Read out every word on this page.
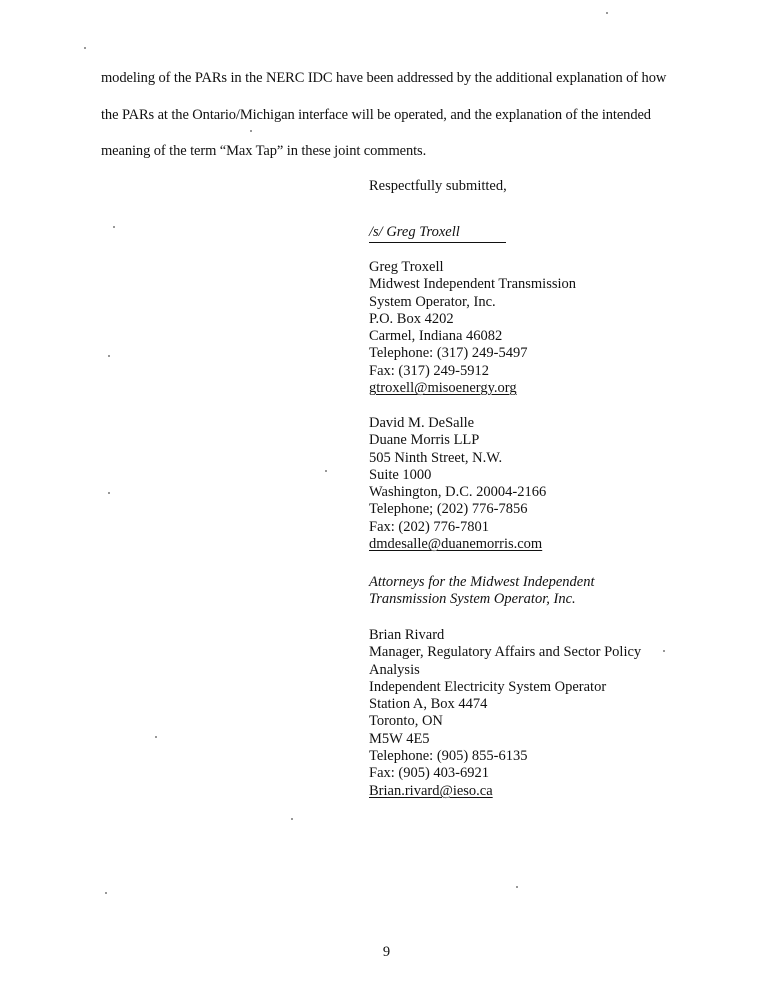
modeling of the PARs in the NERC IDC have been addressed by the additional explanation of how
the PARs at the Ontario/Michigan interface will be operated, and the explanation of the intended
meaning of the term “Max Tap” in these joint comments.
Respectfully submitted,
/s/ Greg Troxell
Greg Troxell
Midwest Independent Transmission
System Operator, Inc.
P.O. Box 4202
Carmel, Indiana 46082
Telephone: (317) 249-5497
Fax: (317) 249-5912
gtroxell@misoenergy.org
David M. DeSalle
Duane Morris LLP
505 Ninth Street, N.W.
Suite 1000
Washington, D.C. 20004-2166
Telephone; (202) 776-7856
Fax: (202) 776-7801
dmdesalle@duanemorris.com
Attorneys for the Midwest Independent
Transmission System Operator, Inc.
Brian Rivard
Manager, Regulatory Affairs and Sector Policy
Analysis
Independent Electricity System Operator
Station A, Box 4474
Toronto, ON
M5W 4E5
Telephone: (905) 855-6135
Fax: (905) 403-6921
Brian.rivard@ieso.ca
9
